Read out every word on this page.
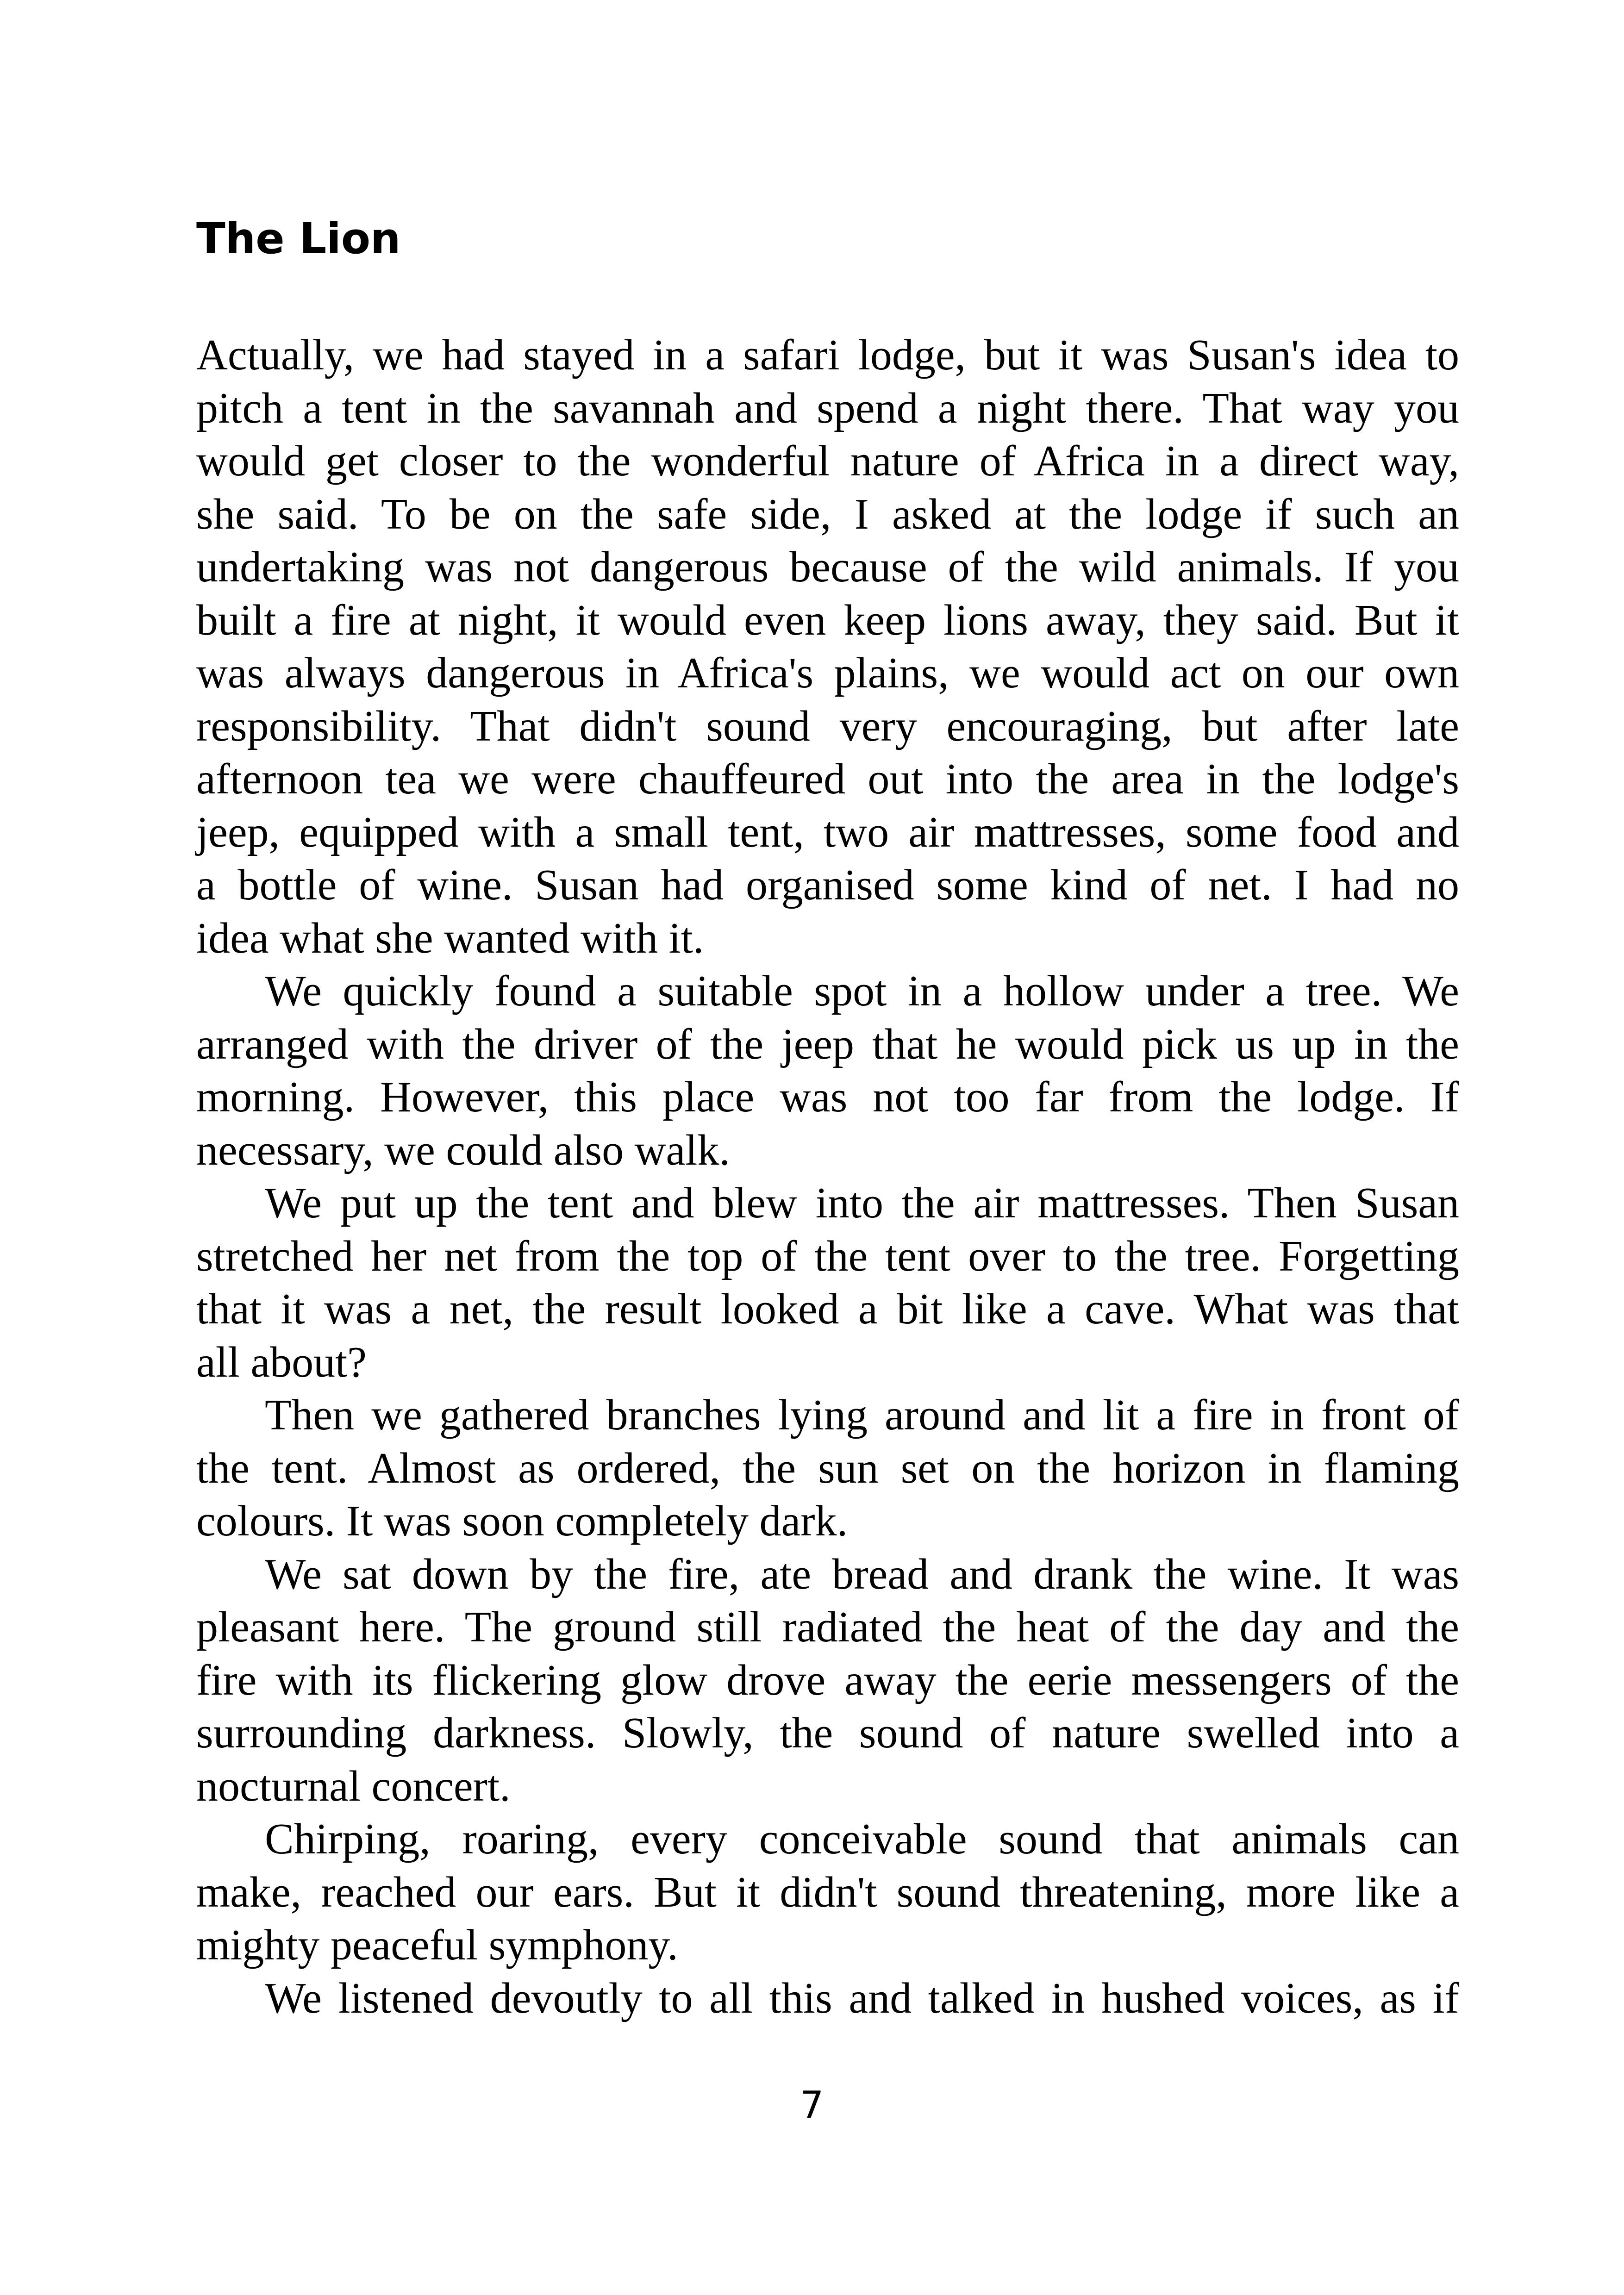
The Lion
Actually, we had stayed in a safari lodge, but it was Susan's idea to
pitch a tent in the savannah and spend a night there. That way you
would get closer to the wonderful nature of Africa in a direct way,
she said. To be on the safe side, I asked at the lodge if such an
undertaking was not dangerous because of the wild animals. If you
built a fire at night, it would even keep lions away, they said. But it
was always dangerous in Africa's plains, we would act on our own
responsibility. That didn't sound very encouraging, but after late
afternoon tea we were chauffeured out into the area in the lodge's
jeep, equipped with a small tent, two air mattresses, some food and
a bottle of wine. Susan had organised some kind of net. I had no
idea what she wanted with it.
We quickly found a suitable spot in a hollow under a tree. We
arranged with the driver of the jeep that he would pick us up in the
morning. However, this place was not too far from the lodge. If
necessary, we could also walk.
We put up the tent and blew into the air mattresses. Then Susan
stretched her net from the top of the tent over to the tree. Forgetting
that it was a net, the result looked a bit like a cave. What was that
all about?
Then we gathered branches lying around and lit a fire in front of
the tent. Almost as ordered, the sun set on the horizon in flaming
colours. It was soon completely dark.
We sat down by the fire, ate bread and drank the wine. It was
pleasant here. The ground still radiated the heat of the day and the
fire with its flickering glow drove away the eerie messengers of the
surrounding darkness. Slowly, the sound of nature swelled into a
nocturnal concert.
Chirping, roaring, every conceivable sound that animals can
make, reached our ears. But it didn't sound threatening, more like a
mighty peaceful symphony.
We listened devoutly to all this and talked in hushed voices, as if
7
